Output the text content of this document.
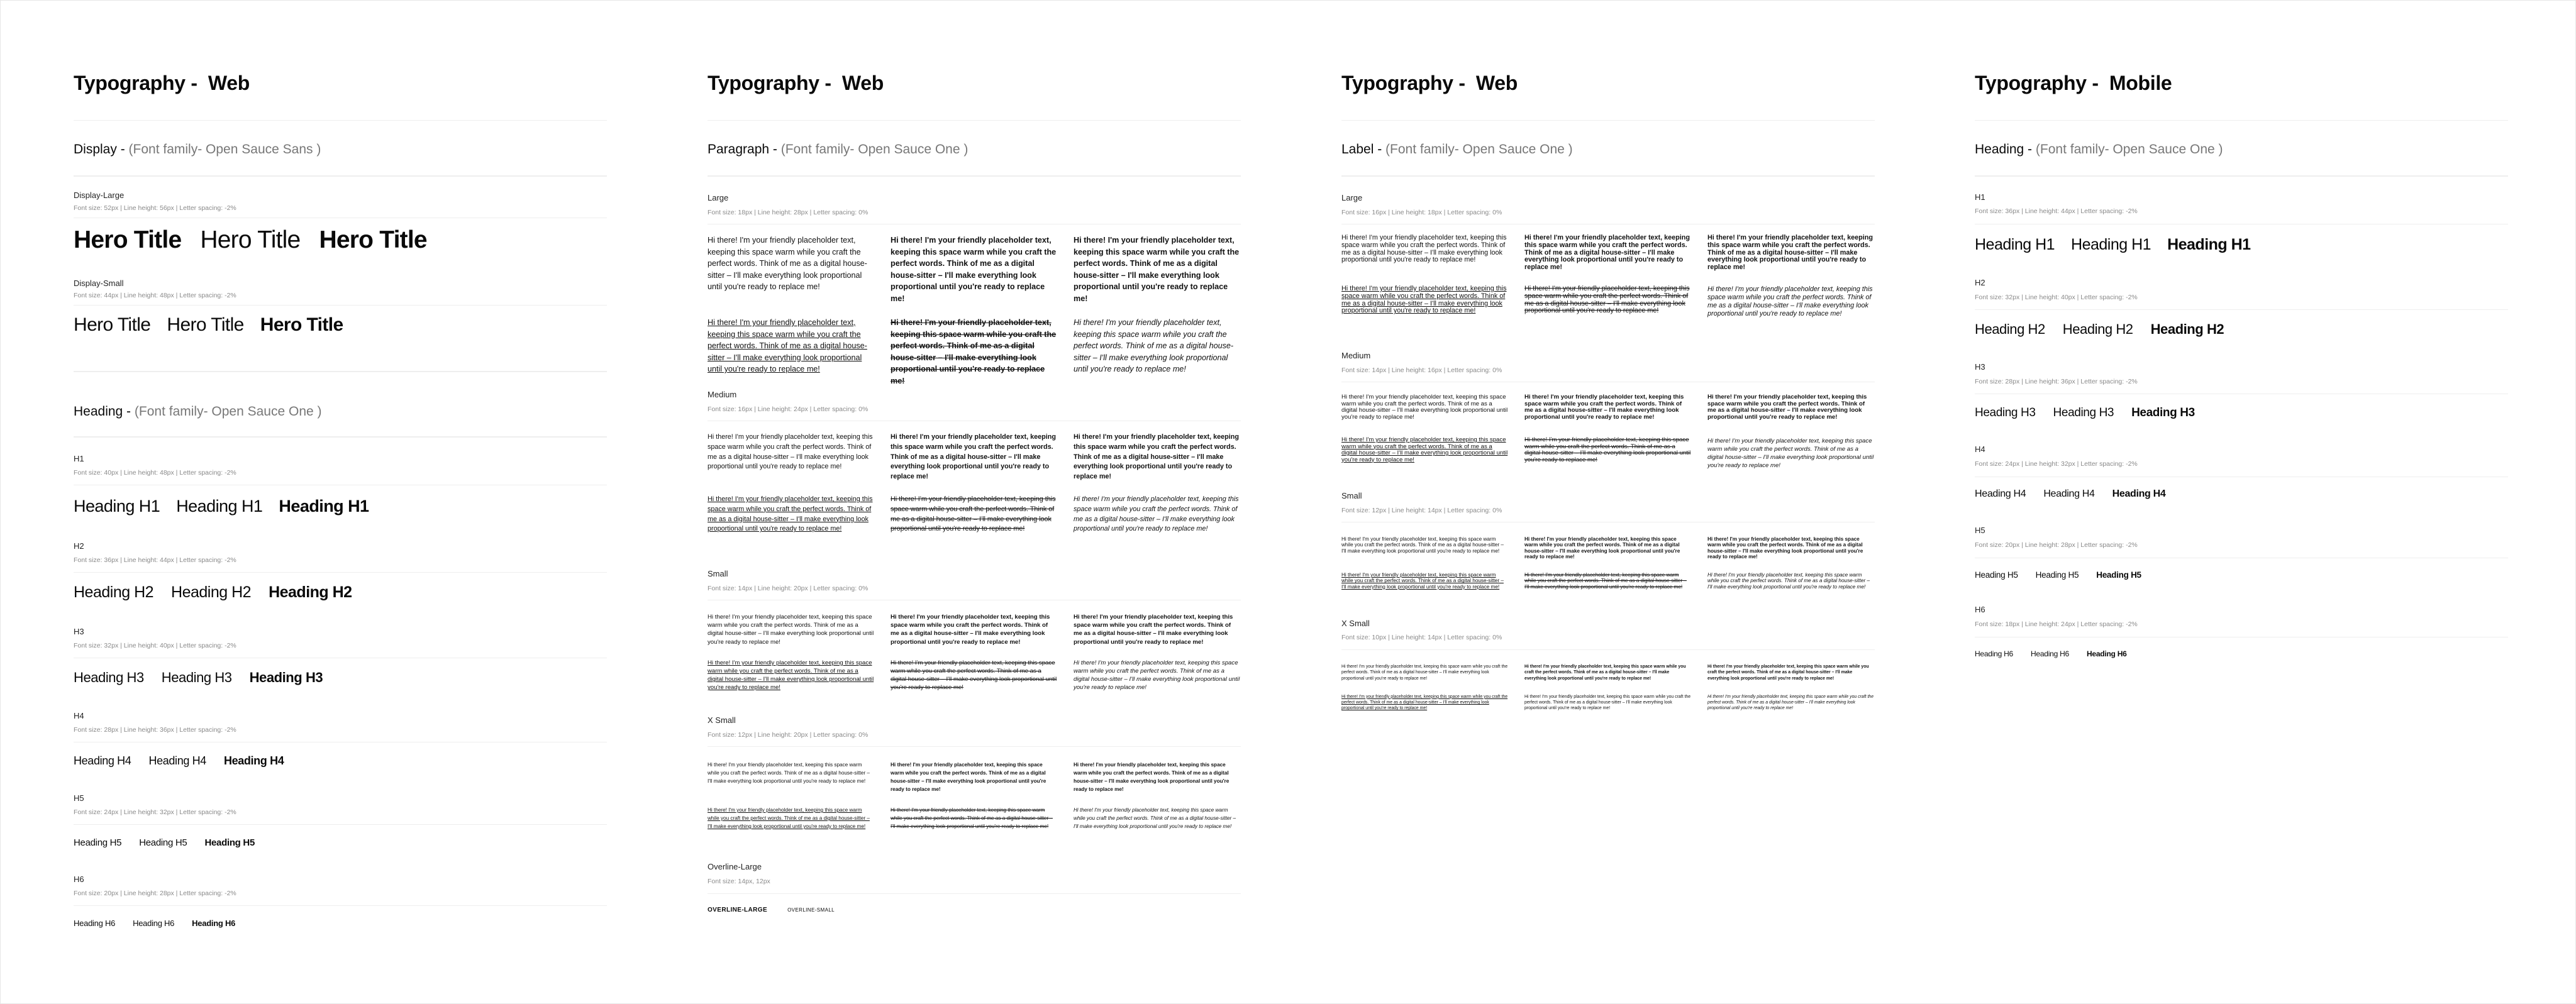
Typography -  Web
Display - (Font family- Open Sauce Sans )
Display-Large
Font size: 52px | Line height: 56px | Letter spacing: -2%
Hero Title Hero Title Hero Title
Display-Small
Font size: 44px | Line height: 48px | Letter spacing: -2%
Hero Title Hero Title Hero Title
Heading - (Font family- Open Sauce One )
H1
Font size: 40px | Line height: 48px | Letter spacing: -2%
Heading H1 Heading H1 Heading H1
H2
Font size: 36px | Line height: 44px | Letter spacing: -2%
Heading H2 Heading H2 Heading H2
H3
Font size: 32px | Line height: 40px | Letter spacing: -2%
Heading H3 Heading H3 Heading H3
H4
Font size: 28px | Line height: 36px | Letter spacing: -2%
Heading H4 Heading H4 Heading H4
H5
Font size: 24px | Line height: 32px | Letter spacing: -2%
Heading H5 Heading H5 Heading H5
H6
Font size: 20px | Line height: 28px | Letter spacing: -2%
Heading H6 Heading H6 Heading H6
Typography -  Web
Paragraph - (Font family- Open Sauce One )
Large
Font size: 18px | Line height: 28px | Letter spacing: 0%
Hi there! I'm your friendly placeholder text, keeping this space warm while you craft the perfect words. Think of me as a digital house-sitter – I'll make everything look proportional until you're ready to replace me!
Hi there! I'm your friendly placeholder text, keeping this space warm while you craft the perfect words. Think of me as a digital house-sitter – I'll make everything look proportional until you're ready to replace me!
Hi there! I'm your friendly placeholder text, keeping this space warm while you craft the perfect words. Think of me as a digital house-sitter – I'll make everything look proportional until you're ready to replace me!
Hi there! I'm your friendly placeholder text, keeping this space warm while you craft the perfect words. Think of me as a digital house-sitter – I'll make everything look proportional until you're ready to replace me!
Hi there! I'm your friendly placeholder text, keeping this space warm while you craft the perfect words. Think of me as a digital house-sitter – I'll make everything look proportional until you're ready to replace me!
Hi there! I'm your friendly placeholder text, keeping this space warm while you craft the perfect words. Think of me as a digital house-sitter – I'll make everything look proportional until you're ready to replace me!
Medium
Font size: 16px | Line height: 24px | Letter spacing: 0%
Hi there! I'm your friendly placeholder text, keeping this space warm while you craft the perfect words. Think of me as a digital house-sitter – I'll make everything look proportional until you're ready to replace me!
Hi there! I'm your friendly placeholder text, keeping this space warm while you craft the perfect words. Think of me as a digital house-sitter – I'll make everything look proportional until you're ready to replace me!
Hi there! I'm your friendly placeholder text, keeping this space warm while you craft the perfect words. Think of me as a digital house-sitter – I'll make everything look proportional until you're ready to replace me!
Hi there! I'm your friendly placeholder text, keeping this space warm while you craft the perfect words. Think of me as a digital house-sitter – I'll make everything look proportional until you're ready to replace me!
Hi there! I'm your friendly placeholder text, keeping this space warm while you craft the perfect words. Think of me as a digital house-sitter – I'll make everything look proportional until you're ready to replace me!
Hi there! I'm your friendly placeholder text, keeping this space warm while you craft the perfect words. Think of me as a digital house-sitter – I'll make everything look proportional until you're ready to replace me!
Small
Font size: 14px | Line height: 20px | Letter spacing: 0%
Hi there! I'm your friendly placeholder text, keeping this space warm while you craft the perfect words. Think of me as a digital house-sitter – I'll make everything look proportional until you're ready to replace me!
Hi there! I'm your friendly placeholder text, keeping this space warm while you craft the perfect words. Think of me as a digital house-sitter – I'll make everything look proportional until you're ready to replace me!
Hi there! I'm your friendly placeholder text, keeping this space warm while you craft the perfect words. Think of me as a digital house-sitter – I'll make everything look proportional until you're ready to replace me!
Hi there! I'm your friendly placeholder text, keeping this space warm while you craft the perfect words. Think of me as a digital house-sitter – I'll make everything look proportional until you're ready to replace me!
Hi there! I'm your friendly placeholder text, keeping this space warm while you craft the perfect words. Think of me as a digital house-sitter – I'll make everything look proportional until you're ready to replace me!
Hi there! I'm your friendly placeholder text, keeping this space warm while you craft the perfect words. Think of me as a digital house-sitter – I'll make everything look proportional until you're ready to replace me!
X Small
Font size: 12px | Line height: 20px | Letter spacing: 0%
Hi there! I'm your friendly placeholder text, keeping this space warm while you craft the perfect words. Think of me as a digital house-sitter – I'll make everything look proportional until you're ready to replace me!
Hi there! I'm your friendly placeholder text, keeping this space warm while you craft the perfect words. Think of me as a digital house-sitter – I'll make everything look proportional until you're ready to replace me!
Hi there! I'm your friendly placeholder text, keeping this space warm while you craft the perfect words. Think of me as a digital house-sitter – I'll make everything look proportional until you're ready to replace me!
Hi there! I'm your friendly placeholder text, keeping this space warm while you craft the perfect words. Think of me as a digital house-sitter – I'll make everything look proportional until you're ready to replace me!
Hi there! I'm your friendly placeholder text, keeping this space warm while you craft the perfect words. Think of me as a digital house-sitter – I'll make everything look proportional until you're ready to replace me!
Hi there! I'm your friendly placeholder text, keeping this space warm while you craft the perfect words. Think of me as a digital house-sitter – I'll make everything look proportional until you're ready to replace me!
Overline-Large
Font size: 14px, 12px
OVERLINE-LARGE	OVERLINE-SMALL
Typography -  Web
Label - (Font family- Open Sauce One )
Large
Font size: 16px | Line height: 18px | Letter spacing: 0%
Hi there! I'm your friendly placeholder text, keeping this space warm while you craft the perfect words. Think of me as a digital house-sitter – I'll make everything look proportional until you're ready to replace me!
Hi there! I'm your friendly placeholder text, keeping this space warm while you craft the perfect words. Think of me as a digital house-sitter – I'll make everything look proportional until you're ready to replace me!
Hi there! I'm your friendly placeholder text, keeping this space warm while you craft the perfect words. Think of me as a digital house-sitter – I'll make everything look proportional until you're ready to replace me!
Hi there! I'm your friendly placeholder text, keeping this space warm while you craft the perfect words. Think of me as a digital house-sitter – I'll make everything look proportional until you're ready to replace me!
Hi there! I'm your friendly placeholder text, keeping this space warm while you craft the perfect words. Think of me as a digital house-sitter – I'll make everything look proportional until you're ready to replace me!
Hi there! I'm your friendly placeholder text, keeping this space warm while you craft the perfect words. Think of me as a digital house-sitter – I'll make everything look proportional until you're ready to replace me!
Medium
Font size: 14px | Line height: 16px | Letter spacing: 0%
Hi there! I'm your friendly placeholder text, keeping this space warm while you craft the perfect words. Think of me as a digital house-sitter – I'll make everything look proportional until you're ready to replace me!
Hi there! I'm your friendly placeholder text, keeping this space warm while you craft the perfect words. Think of me as a digital house-sitter – I'll make everything look proportional until you're ready to replace me!
Hi there! I'm your friendly placeholder text, keeping this space warm while you craft the perfect words. Think of me as a digital house-sitter – I'll make everything look proportional until you're ready to replace me!
Hi there! I'm your friendly placeholder text, keeping this space warm while you craft the perfect words. Think of me as a digital house-sitter – I'll make everything look proportional until you're ready to replace me!
Hi there! I'm your friendly placeholder text, keeping this space warm while you craft the perfect words. Think of me as a digital house-sitter – I'll make everything look proportional until you're ready to replace me!
Hi there! I'm your friendly placeholder text, keeping this space warm while you craft the perfect words. Think of me as a digital house-sitter – I'll make everything look proportional until you're ready to replace me!
Small
Font size: 12px | Line height: 14px | Letter spacing: 0%
Hi there! I'm your friendly placeholder text, keeping this space warm while you craft the perfect words. Think of me as a digital house-sitter – I'll make everything look proportional until you're ready to replace me!
Hi there! I'm your friendly placeholder text, keeping this space warm while you craft the perfect words. Think of me as a digital house-sitter – I'll make everything look proportional until you're ready to replace me!
Hi there! I'm your friendly placeholder text, keeping this space warm while you craft the perfect words. Think of me as a digital house-sitter – I'll make everything look proportional until you're ready to replace me!
Hi there! I'm your friendly placeholder text, keeping this space warm while you craft the perfect words. Think of me as a digital house-sitter – I'll make everything look proportional until you're ready to replace me!
Hi there! I'm your friendly placeholder text, keeping this space warm while you craft the perfect words. Think of me as a digital house-sitter – I'll make everything look proportional until you're ready to replace me!
Hi there! I'm your friendly placeholder text, keeping this space warm while you craft the perfect words. Think of me as a digital house-sitter – I'll make everything look proportional until you're ready to replace me!
X Small
Font size: 10px | Line height: 14px | Letter spacing: 0%
Hi there! I'm your friendly placeholder text, keeping this space warm while you craft the perfect words. Think of me as a digital house-sitter – I'll make everything look proportional until you're ready to replace me!
Hi there! I'm your friendly placeholder text, keeping this space warm while you craft the perfect words. Think of me as a digital house-sitter – I'll make everything look proportional until you're ready to replace me!
Hi there! I'm your friendly placeholder text, keeping this space warm while you craft the perfect words. Think of me as a digital house-sitter – I'll make everything look proportional until you're ready to replace me!
Hi there! I'm your friendly placeholder text, keeping this space warm while you craft the perfect words. Think of me as a digital house-sitter – I'll make everything look proportional until you're ready to replace me!
Hi there! I'm your friendly placeholder text, keeping this space warm while you craft the perfect words. Think of me as a digital house-sitter – I'll make everything look proportional until you're ready to replace me!
Hi there! I'm your friendly placeholder text, keeping this space warm while you craft the perfect words. Think of me as a digital house-sitter – I'll make everything look proportional until you're ready to replace me!
Typography -  Mobile
Heading - (Font family- Open Sauce One )
H1
Font size: 36px | Line height: 44px | Letter spacing: -2%
Heading H1 Heading H1 Heading H1
H2
Font size: 32px | Line height: 40px | Letter spacing: -2%
Heading H2 Heading H2 Heading H2
H3
Font size: 28px | Line height: 36px | Letter spacing: -2%
Heading H3 Heading H3 Heading H3
H4
Font size: 24px | Line height: 32px | Letter spacing: -2%
Heading H4 Heading H4 Heading H4
H5
Font size: 20px | Line height: 28px | Letter spacing: -2%
Heading H5 Heading H5 Heading H5
H6
Font size: 18px | Line height: 24px | Letter spacing: -2%
Heading H6 Heading H6 Heading H6
